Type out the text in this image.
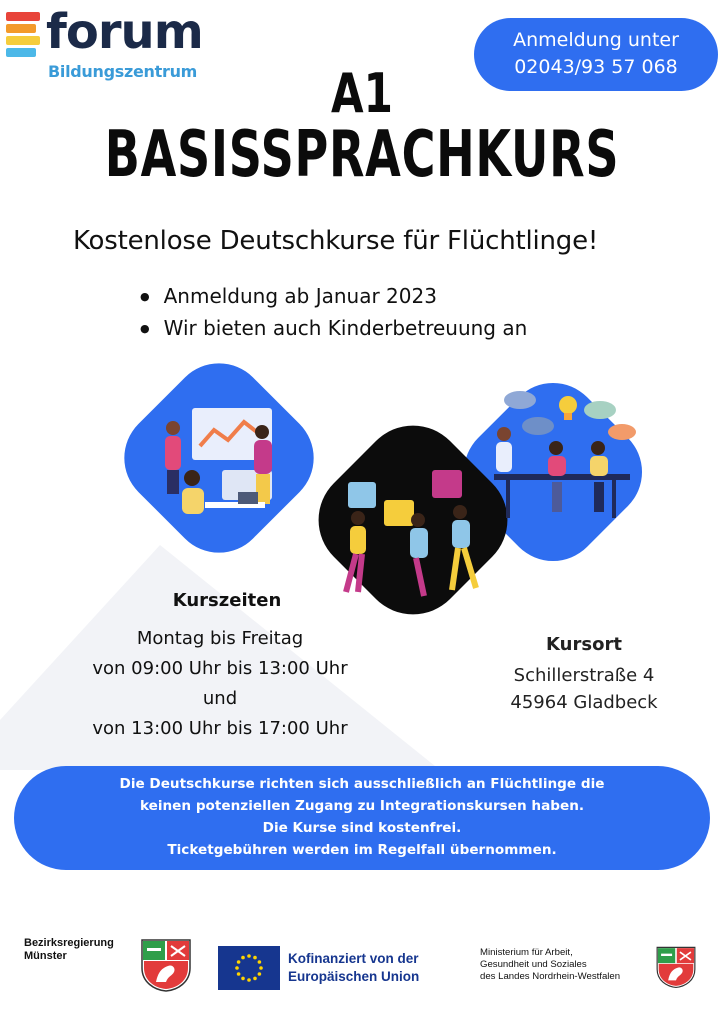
forum
Bildungszentrum
Anmeldung unter
02043/93 57 068
A1
BASISSPRACHKURS
Kostenlose Deutschkurse für Flüchtlinge!
● Anmeldung ab Januar 2023
● Wir bieten auch Kinderbetreuung an
Kurszeiten
Montag bis Freitag
von 09:00 Uhr bis 13:00 Uhr
und
von 13:00 Uhr bis 17:00 Uhr
Kursort
Schillerstraße 4
45964 Gladbeck
Die Deutschkurse richten sich ausschließlich an Flüchtlinge die
keinen potenziellen Zugang zu Integrationskursen haben.
Die Kurse sind kostenfrei.
Ticketgebühren werden im Regelfall übernommen.
Bezirksregierung
Münster	Kofinanziert von der
Europäischen Union
Ministerium für Arbeit,
Gesundheit und Soziales
des Landes Nordrhein-Westfalen
